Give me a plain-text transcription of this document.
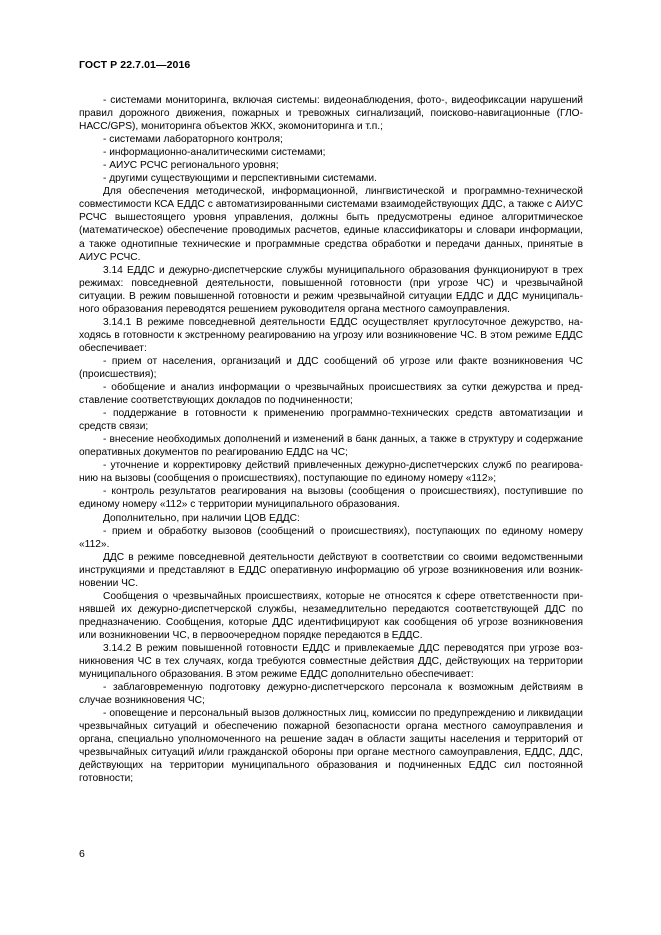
ГОСТ Р 22.7.01—2016

- системами мониторинга, включая системы: видеонаблюдения, фото-, видеофиксации нарушений правил дорожного движения, пожарных и тревожных сигнализаций, поисково-навигационные (ГЛОНАСС/GPS), мониторинга объектов ЖКХ, экомониторинга и т.п.;

- системами лабораторного контроля;

- информационно-аналитическими системами;

- АИУС РСЧС регионального уровня;

- другими существующими и перспективными системами.

Для обеспечения методической, информационной, лингвистической и программно-технической совместимости КСА ЕДДС с автоматизированными системами взаимодействующих ДДС, а также с АИУС РСЧС вышестоящего уровня управления, должны быть предусмотрены единое алгоритмическое (математическое) обеспечение проводимых расчетов, единые классификаторы и словари информации, а также однотипные технические и программные средства обработки и передачи данных, принятые в АИУС РСЧС.

3.14 ЕДДС и дежурно-диспетчерские службы муниципального образования функционируют в трех режимах: повседневной деятельности, повышенной готовности (при угрозе ЧС) и чрезвычайной ситуации. В режим повышенной готовности и режим чрезвычайной ситуации ЕДДС и ДДС муниципального образования переводятся решением руководителя органа местного самоуправления.

3.14.1 В режиме повседневной деятельности ЕДДС осуществляет круглосуточное дежурство, находясь в готовности к экстренному реагированию на угрозу или возникновение ЧС. В этом режиме ЕДДС обеспечивает:

- прием от населения, организаций и ДДС сообщений об угрозе или факте возникновения ЧС (происшествия);

- обобщение и анализ информации о чрезвычайных происшествиях за сутки дежурства и представление соответствующих докладов по подчиненности;

- поддержание в готовности к применению программно-технических средств автоматизации и средств связи;

- внесение необходимых дополнений и изменений в банк данных, а также в структуру и содержание оперативных документов по реагированию ЕДДС на ЧС;

- уточнение и корректировку действий привлеченных дежурно-диспетчерских служб по реагированию на вызовы (сообщения о происшествиях), поступающие по единому номеру «112»;

- контроль результатов реагирования на вызовы (сообщения о происшествиях), поступившие по единому номеру «112» с территории муниципального образования.

Дополнительно, при наличии ЦОВ ЕДДС:

- прием и обработку вызовов (сообщений о происшествиях), поступающих по единому номеру «112».

ДДС в режиме повседневной деятельности действуют в соответствии со своими ведомственными инструкциями и представляют в ЕДДС оперативную информацию об угрозе возникновения или возникновении ЧС.

Сообщения о чрезвычайных происшествиях, которые не относятся к сфере ответственности принявшей их дежурно-диспетчерской службы, незамедлительно передаются соответствующей ДДС по предназначению. Сообщения, которые ДДС идентифицируют как сообщения об угрозе возникновения или возникновении ЧС, в первоочередном порядке передаются в ЕДДС.

3.14.2 В режим повышенной готовности ЕДДС и привлекаемые ДДС переводятся при угрозе возникновения ЧС в тех случаях, когда требуются совместные действия ДДС, действующих на территории муниципального образования. В этом режиме ЕДДС дополнительно обеспечивает:

- заблаговременную подготовку дежурно-диспетчерского персонала к возможным действиям в случае возникновения ЧС;

- оповещение и персональный вызов должностных лиц, комиссии по предупреждению и ликвидации чрезвычайных ситуаций и обеспечению пожарной безопасности органа местного самоуправления и органа, специально уполномоченного на решение задач в области защиты населения и территорий от чрезвычайных ситуаций и/или гражданской обороны при органе местного самоуправления, ЕДДС, ДДС, действующих на территории муниципального образования и подчиненных ЕДДС сил постоянной готовности;

6
